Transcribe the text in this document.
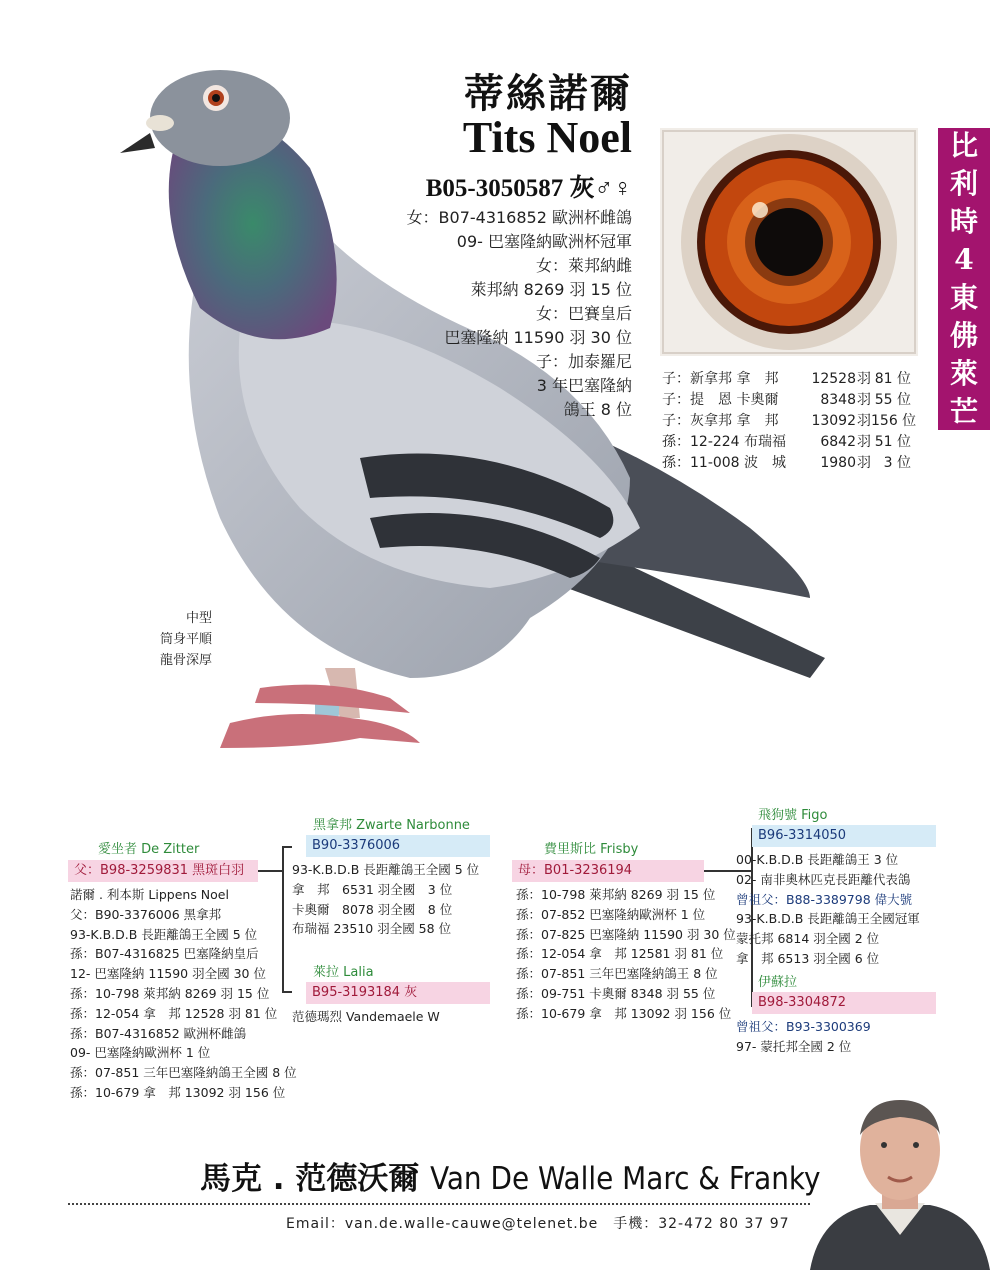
蒂絲諾爾
Tits Noel
B05-3050587 灰♂♀
女：B07-4316852 歐洲杯雌鴿
09- 巴塞隆納歐洲杯冠軍
女：萊邦納雌
萊邦納 8269 羽 15 位
女：巴賽皇后
巴塞隆納 11590 羽 30 位
子：加泰羅尼
3 年巴塞隆納
鴿王 8 位
子：新拿邦 拿　邦	12528 羽 81 位
子：提　恩 卡奧爾	8348 羽 55 位
子：灰拿邦 拿　邦	13092 羽 156 位
孫：12-224 布瑞福	6842 羽 51 位
孫：11-008 波　城	1980 羽 3 位
比
利
時
4
東
佛
萊
芒
中型
筒身平順
龍骨深厚
愛坐者 De Zitter
父：B98-3259831 黑斑白羽
諾爾 . 利本斯 Lippens Noel
父：B90-3376006 黑拿邦
93-K.B.D.B 長距離鴿王全國 5 位
孫：B07-4316825 巴塞隆納皇后
12- 巴塞隆納 11590 羽全國 30 位
孫：10-798 萊邦納 8269 羽 15 位
孫：12-054 拿　邦 12528 羽 81 位
孫：B07-4316852 歐洲杯雌鴿
09- 巴塞隆納歐洲杯 1 位
孫：07-851 三年巴塞隆納鴿王全國 8 位
孫：10-679 拿　邦 13092 羽 156 位
黑拿邦 Zwarte Narbonne
B90-3376006
93-K.B.D.B 長距離鴿王全國 5 位
拿　邦　6531 羽全國　3 位
卡奧爾　8078 羽全國　8 位
布瑞福 23510 羽全國 58 位
萊拉 Lalia
B95-3193184 灰
范德瑪烈 Vandemaele W
費里斯比 Frisby
母：B01-3236194
孫：10-798 萊邦納 8269 羽 15 位
孫：07-852 巴塞隆納歐洲杯 1 位
孫：07-825 巴塞隆納 11590 羽 30 位
孫：12-054 拿　邦 12581 羽 81 位
孫：07-851 三年巴塞隆納鴿王 8 位
孫：09-751 卡奧爾 8348 羽 55 位
孫：10-679 拿　邦 13092 羽 156 位
飛狗號 Figo
B96-3314050
00-K.B.D.B 長距離鴿王 3 位
02- 南非奧林匹克長距離代表鴿
曾祖父：B88-3389798 偉大號
93-K.B.D.B 長距離鴿王全國冠軍
蒙托邦 6814 羽全國 2 位
拿　邦 6513 羽全國 6 位
伊蘇拉
B98-3304872
曾祖父：B93-3300369
97- 蒙托邦全國 2 位
馬克 . 范德沃爾 Van De Walle Marc & Franky
Email：van.de.walle-cauwe@telenet.be　手機：32-472 80 37 97
